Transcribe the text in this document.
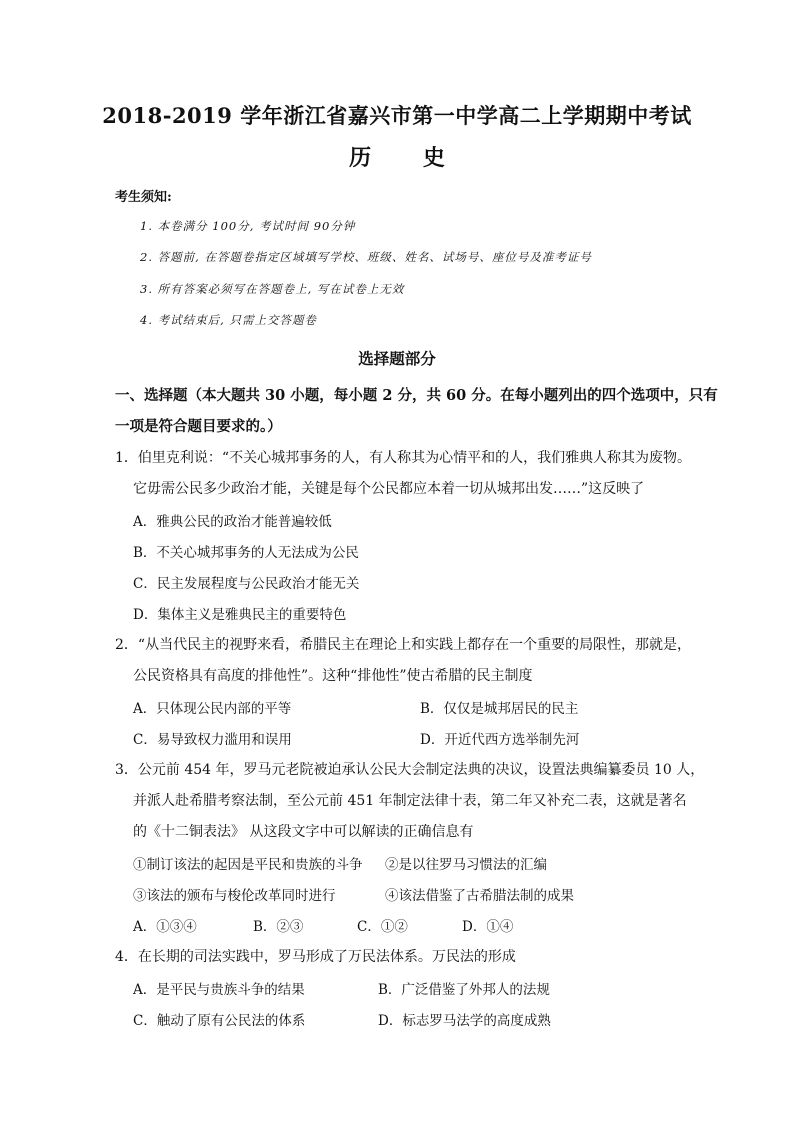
2018-2019 学年浙江省嘉兴市第一中学高二上学期期中考试
历 史
考生须知:
1. 本卷满分 100分, 考试时间 90分钟
2. 答题前, 在答题卷指定区域填写学校、班级、姓名、试场号、座位号及准考证号
3. 所有答案必须写在答题卷上, 写在试卷上无效
4. 考试结束后, 只需上交答题卷
选择题部分
一、选择题（本大题共 30 小题，每小题 2 分，共 60 分。在每小题列出的四个选项中，只有
一项是符合题目要求的。）
1．伯里克利说：“不关心城邦事务的人，有人称其为心情平和的人，我们雅典人称其为废物。
它毋需公民多少政治才能，关键是每个公民都应本着一切从城邦出发……”这反映了
A．雅典公民的政治才能普遍较低
B．不关心城邦事务的人无法成为公民
C．民主发展程度与公民政治才能无关
D．集体主义是雅典民主的重要特色
2．“从当代民主的视野来看，希腊民主在理论上和实践上都存在一个重要的局限性，那就是，
公民资格具有高度的排他性”。这种“排他性”使古希腊的民主制度
A．只体现公民内部的平等	B．仅仅是城邦居民的民主
C．易导致权力滥用和误用	D．开近代西方选举制先河
3．公元前 454 年，罗马元老院被迫承认公民大会制定法典的决议，设置法典编纂委员 10 人，
并派人赴希腊考察法制，至公元前 451 年制定法律十表，第二年又补充二表，这就是著名
的《十二铜表法》 从这段文字中可以解读的正确信息有
①制订该法的起因是平民和贵族的斗争 ②是以往罗马习惯法的汇编
③该法的颁布与梭伦改革同时进行	④该法借鉴了古希腊法制的成果
A．①③④	B．②③	C．①②	D．①④
4．在长期的司法实践中，罗马形成了万民法体系。万民法的形成
A．是平民与贵族斗争的结果	B．广泛借鉴了外邦人的法规
C．触动了原有公民法的体系	D．标志罗马法学的高度成熟
